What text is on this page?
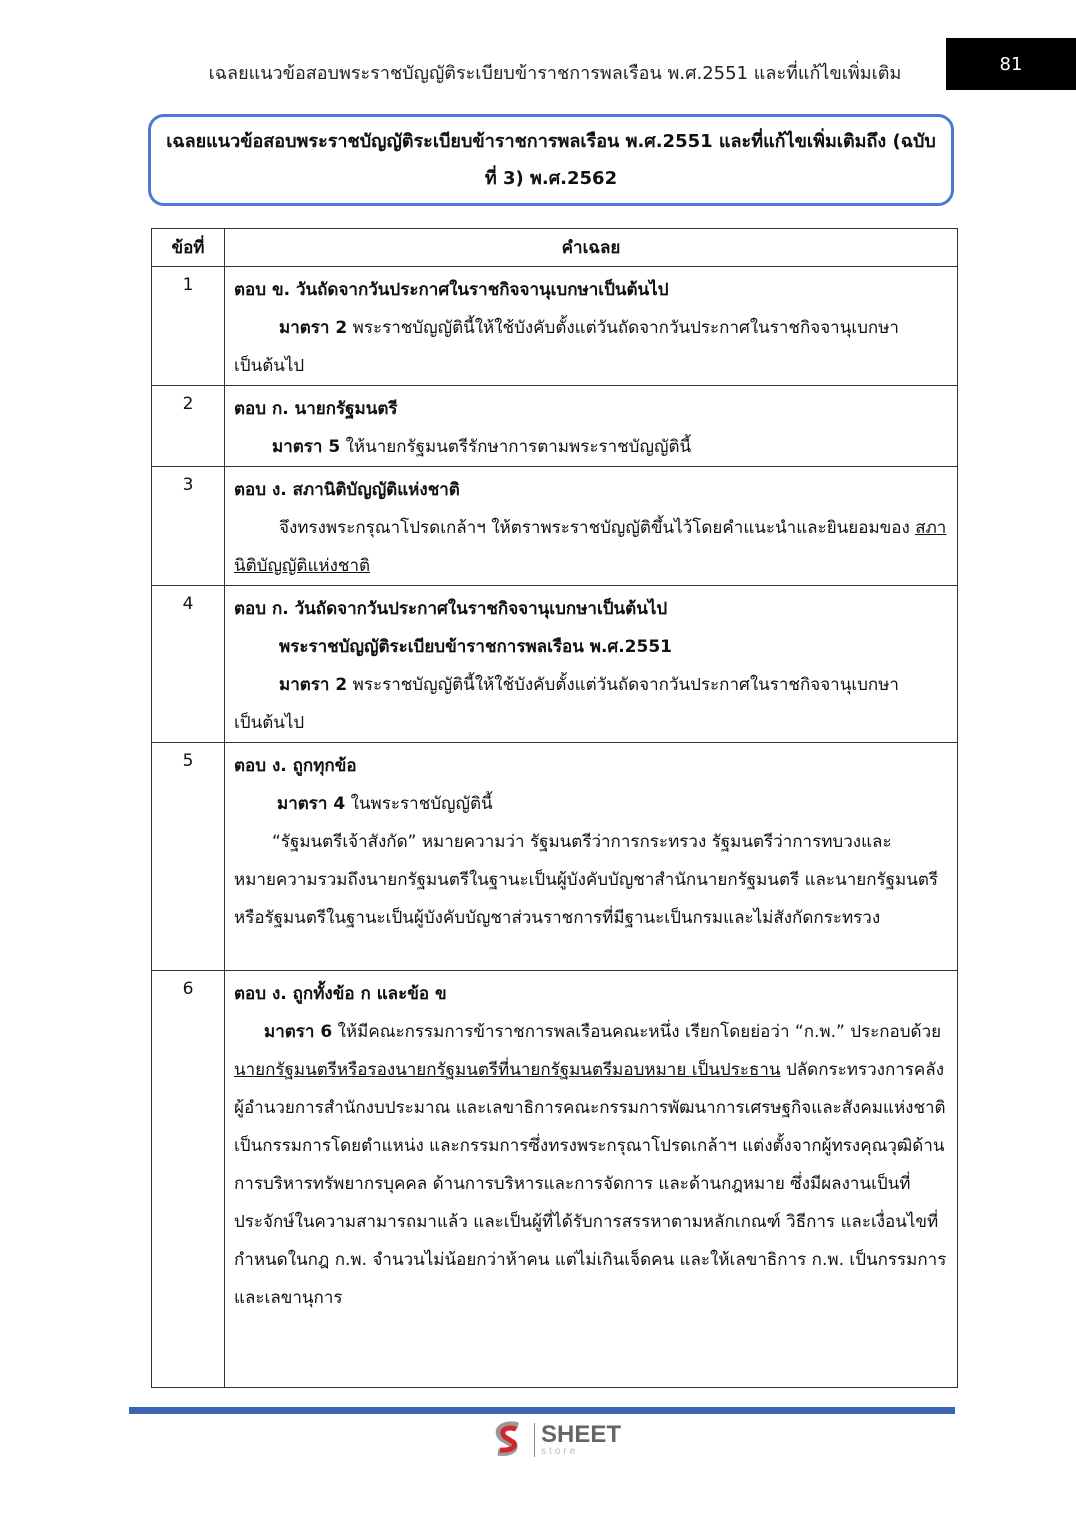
เฉลยแนวข้อสอบพระราชบัญญัติระเบียบข้าราชการพลเรือน พ.ศ.2551 และที่แก้ไขเพิ่มเติม	81
เฉลยแนวข้อสอบพระราชบัญญัติระเบียบข้าราชการพลเรือน พ.ศ.2551 และที่แก้ไขเพิ่มเติมถึง (ฉบับที่ 3) พ.ศ.2562
ข้อที่	คำเฉลย
1	ตอบ ข. วันถัดจากวันประกาศในราชกิจจานุเบกษาเป็นต้นไป

มาตรา 2 พระราชบัญญัตินี้ให้ใช้บังคับตั้งแต่วันถัดจากวันประกาศในราชกิจจานุเบกษาเป็นต้นไป

2	ตอบ ก. นายกรัฐมนตรี

มาตรา 5 ให้นายกรัฐมนตรีรักษาการตามพระราชบัญญัตินี้

3	ตอบ ง. สภานิติบัญญัติแห่งชาติ

จึงทรงพระกรุณาโปรดเกล้าฯ ให้ตราพระราชบัญญัติขึ้นไว้โดยคำแนะนำและยินยอมของ สภานิติบัญญัติแห่งชาติ

4	ตอบ ก. วันถัดจากวันประกาศในราชกิจจานุเบกษาเป็นต้นไป

พระราชบัญญัติระเบียบข้าราชการพลเรือน พ.ศ.2551

มาตรา 2 พระราชบัญญัตินี้ให้ใช้บังคับตั้งแต่วันถัดจากวันประกาศในราชกิจจานุเบกษาเป็นต้นไป

5	ตอบ ง. ถูกทุกข้อ

มาตรา 4 ในพระราชบัญญัตินี้

“รัฐมนตรีเจ้าสังกัด” หมายความว่า รัฐมนตรีว่าการกระทรวง รัฐมนตรีว่าการทบวงและหมายความรวมถึงนายกรัฐมนตรีในฐานะเป็นผู้บังคับบัญชาสำนักนายกรัฐมนตรี และนายกรัฐมนตรีหรือรัฐมนตรีในฐานะเป็นผู้บังคับบัญชาส่วนราชการที่มีฐานะเป็นกรมและไม่สังกัดกระทรวง

6	ตอบ ง. ถูกทั้งข้อ ก และข้อ ข

มาตรา 6 ให้มีคณะกรรมการข้าราชการพลเรือนคณะหนึ่ง เรียกโดยย่อว่า “ก.พ.” ประกอบด้วยนายกรัฐมนตรีหรือรองนายกรัฐมนตรีที่นายกรัฐมนตรีมอบหมาย เป็นประธาน ปลัดกระทรวงการคลัง ผู้อำนวยการสำนักงบประมาณ และเลขาธิการคณะกรรมการพัฒนาการเศรษฐกิจและสังคมแห่งชาติ เป็นกรรมการโดยตำแหน่ง และกรรมการซึ่งทรงพระกรุณาโปรดเกล้าฯ แต่งตั้งจากผู้ทรงคุณวุฒิด้านการบริหารทรัพยากรบุคคล ด้านการบริหารและการจัดการ และด้านกฎหมาย ซึ่งมีผลงานเป็นที่ประจักษ์ในความสามารถมาแล้ว และเป็นผู้ที่ได้รับการสรรหาตามหลักเกณฑ์ วิธีการ และเงื่อนไขที่กำหนดในกฎ ก.พ. จำนวนไม่น้อยกว่าห้าคน แต่ไม่เกินเจ็ดคน และให้เลขาธิการ ก.พ. เป็นกรรมการและเลขานุการ

SHEET
store
